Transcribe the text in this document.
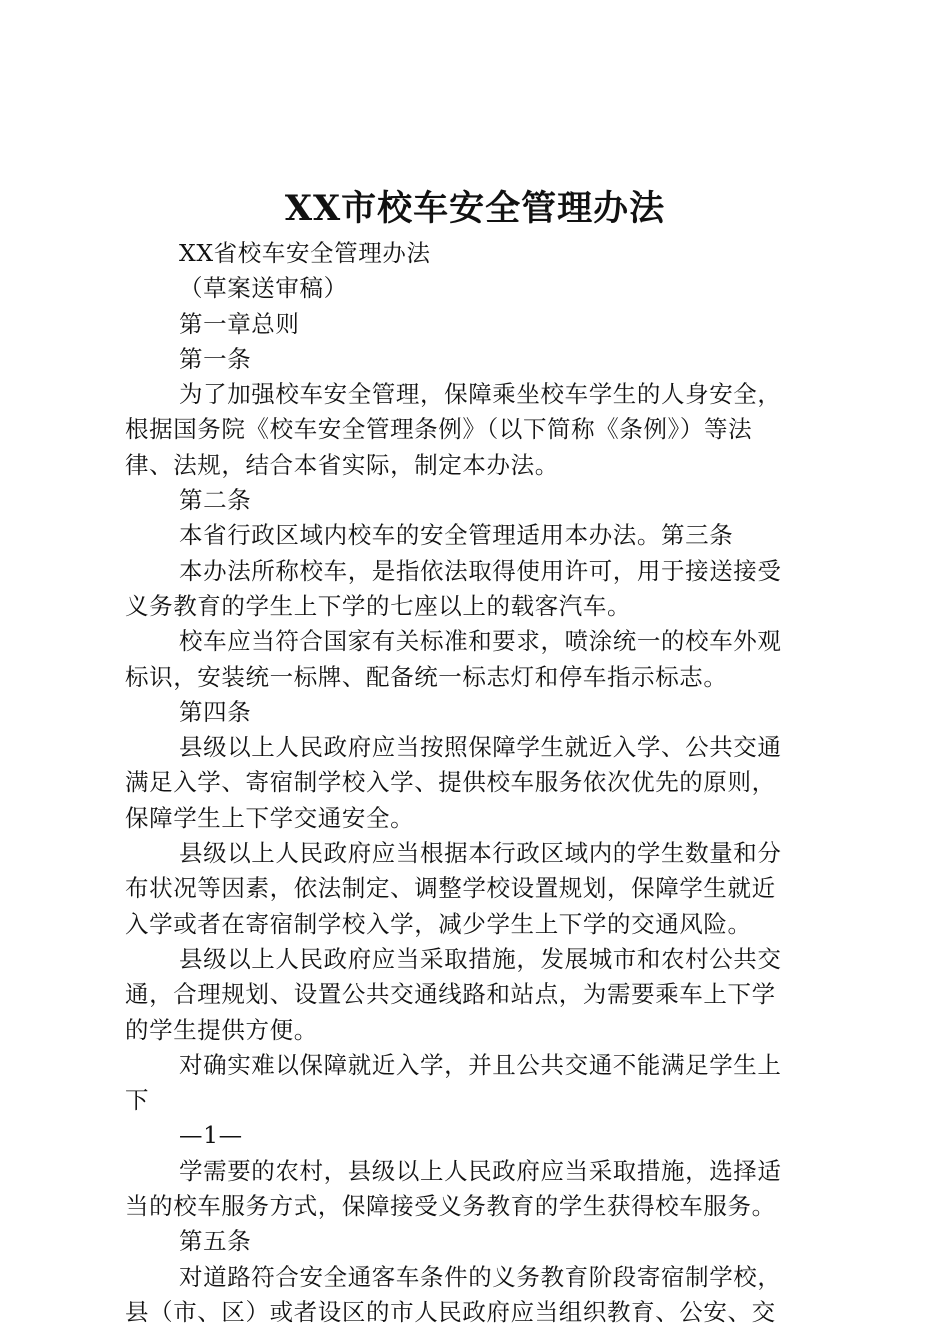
XX市校车安全管理办法
XX省校车安全管理办法
（草案送审稿）
第一章总则
第一条
为了加强校车安全管理，保障乘坐校车学生的人身安全，
根据国务院《校车安全管理条例》（以下简称《条例》）等法
律、法规，结合本省实际，制定本办法。
第二条
本省行政区域内校车的安全管理适用本办法。第三条
本办法所称校车，是指依法取得使用许可，用于接送接受
义务教育的学生上下学的七座以上的载客汽车。
校车应当符合国家有关标准和要求，喷涂统一的校车外观
标识，安装统一标牌、配备统一标志灯和停车指示标志。
第四条
县级以上人民政府应当按照保障学生就近入学、公共交通
满足入学、寄宿制学校入学、提供校车服务依次优先的原则，
保障学生上下学交通安全。
县级以上人民政府应当根据本行政区域内的学生数量和分
布状况等因素，依法制定、调整学校设置规划，保障学生就近
入学或者在寄宿制学校入学，减少学生上下学的交通风险。
县级以上人民政府应当采取措施，发展城市和农村公共交
通，合理规划、设置公共交通线路和站点，为需要乘车上下学
的学生提供方便。
对确实难以保障就近入学，并且公共交通不能满足学生上
下
—1—
学需要的农村，县级以上人民政府应当采取措施，选择适
当的校车服务方式，保障接受义务教育的学生获得校车服务。
第五条
对道路符合安全通客车条件的义务教育阶段寄宿制学校，
县（市、区）或者设区的市人民政府应当组织教育、公安、交
